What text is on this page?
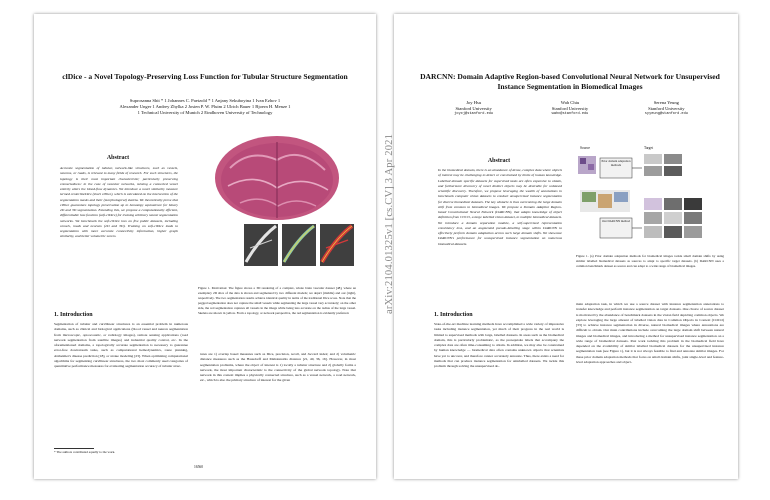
clDice - a Novel Topology-Preserving Loss Function for Tubular Structure Segmentation
Suprosanna Shit * 1 Johannes C. Paetzold * 1 Anjany Sekuboyina 1 Ivan Ezhov 1
Alexander Unger 1 Andrey Zhylka 2 Josien P. W. Pluim 2 Ulrich Bauer 1 Bjoern H. Menze 1
1 Technical University of Munich 2 Eindhoven University of Technology
Abstract
Accurate segmentation of tubular, network-like structures, such as vessels, neurons, or roads, is relevant to many fields of research. For such structures, the topology is their most important characteristic; particularly preserving connectedness: in the case of vascular networks, missing a connected vessel entirely alters the blood-flow dynamics. We introduce a novel similarity measure termed centerlineDice (short clDice), which is calculated on the intersection of the segmentation masks and their (morphological) skeleta. We theoretically prove that clDice guarantees topology preservation up to homotopy equivalence for binary 2D and 3D segmentation. Extending this, we propose a computationally efficient, differentiable loss function (soft-clDice) for training arbitrary neural segmentation networks. We benchmark the soft-clDice loss on five public datasets, including vessels, roads and neurons (2D and 3D). Training on soft-clDice leads to segmentation with more accurate connectivity information, higher graph similarity, and better volumetric scores.
Figure 1. Motivation: The figure shows a 3D rendering of a complex, whole brain vascular dataset [48], where an exemplary 2D slice of the data is shown and segmented by two different models; we depict (middle) and our (right), respectively. The two segmentation results achieve identical quality in terms of the traditional Dice score. Note that the pegged segmentation does not capture the small vessels while segmenting the large vessel very accurately; on the other side, the red segmentation captures all vessels in the image while being less accurate on the radius of the large vessel. Skeleta are shown in yellow. From a topology, or network perspective, the red segmentation is evidently preferred.
1. Introduction
Segmentation of tubular and curvilinear structures is an essential problem in numerous domains, such as clinical and biological applications (blood vessel and neuron segmentation from microscopic, optoacoustic, or radiology images), remote sensing applications (road network segmentation from satellite images) and industrial quality control, etc. In the aforementioned domains, a topologically accurate segmentation is necessary to guarantee error-free downstream tasks, such as computational hemodynamics, route planning, Alzheimer's disease prediction [18], or stroke modeling [23]. When optimizing computational algorithms for segmenting curvilinear structures, the two most commonly used categories of quantitative performance measures for evaluating segmentation accuracy of tubular struc-
tures are 1) overlap based measures such as Dice, precision, recall, and Jaccard index; and 2) volumetric distance measures such as the Hausdorff and Mahalanobis distance [21, 40, 36, 16]. However, in most segmentation problems, where the object of interest is 1) locally a tubular structure and 2) globally forms a network, the most important characteristic is the connectivity of the global network topology. Note that network in this context implies a physically connected structure, such as a vessel network, a road network, etc., which is also the primary structure of interest for the given
* The authors contributed equally to the work.
16560
arXiv:2104.01325v1 [cs.CV] 3 Apr 2021
DARCNN: Domain Adaptive Region-based Convolutional Neural Network for Unsupervised Instance Segmentation in Biomedical Images
Joy Hsu
Stanford University
joycj@stanford.edu
Wah Chiu
Stanford University
wahc@stanford.edu
Serena Yeung
Stanford University
syyeung@stanford.edu
Abstract
In the biomedical domain, there is an abundance of dense, complex data where objects of interest may be challenging to detect or constrained by limits of human knowledge. Labelled domain specific datasets for supervised tasks are often expensive to obtain, and furthermore discovery of novel distinct objects may be desirable for unbiased scientific discovery. Therefore, we propose leveraging the wealth of annotations in benchmark computer vision datasets to conduct unsupervised instance segmentation for diverse biomedical datasets. The key obstacle is thus overcoming the large domain shift from common to biomedical images. We propose a Domain Adaptive Region-based Convolutional Neural Network (DARCNN), that adapts knowledge of object definition from COCO, a large labelled vision dataset, to multiple biomedical datasets. We introduce a domain separation module, a self-supervised representation consistency loss, and an augmented pseudo-labelling stage within DARCNN to effectively perform domain adaptation across such large domain shifts. We showcase DARCNN's performance for unsupervised instance segmentation on numerous biomedical datasets.
Source	Target
Prior domain adaptation methods
Our DARCNN method
Figure 1. (a) Prior domain adaptation methods for biomedical images tackle small domain shifts by using similar labelled biomedical datasets as sources to adapt to specific target datasets. (b) DARCNN uses a common benchmark dataset as source and can adapt to a wide range of biomedical images.
1. Introduction
State-of-the-art machine learning methods have accomplished a wide variety of impressive tasks including instance segmentation, yet much of their progress in the real world is limited to supervised methods with large, labelled datasets. In areas such as the biomedical domain, this is particularly problematic, as the prerequisite labels that accompany the complex data are often time-consuming to obtain. In addition, we may also be constrained by human knowledge — biomedical data often contains unknown objects that scientists have yet to uncover, and therefore cannot accurately annotate. Thus, there exists a need for methods that can produce instance segmentation for unlabelled datasets. We tackle this problem through solving the unsupervised do-
main adaptation task, in which we use a source dataset with instance segmentation annotations to transfer knowledge and perform instance segmentation on target datasets. One choice of source dataset is motivated by the abundance of benchmark datasets in the vision field depicting common objects. We explore leveraging the large amount of labelled vision data in Common Objects in Context (COCO) [33] to achieve instance segmentation in diverse, natural biomedical images where annotations are difficult to obtain. Our main contributions include overcoming the large domain shift between natural images and biomedical images, and introducing a method for unsupervised instance segmentation on a wide range of biomedical datasets. Past work tackling this problem in the biomedical field have depended on the availability of similar labelled biomedical datasets for the unsupervised instance segmentation task (see Figure 1), but it is not always feasible to find and annotate similar images. For these prior domain adaptation methods that focus on small domain shifts, joint single-level and feature-level adaptation approaches and object-
